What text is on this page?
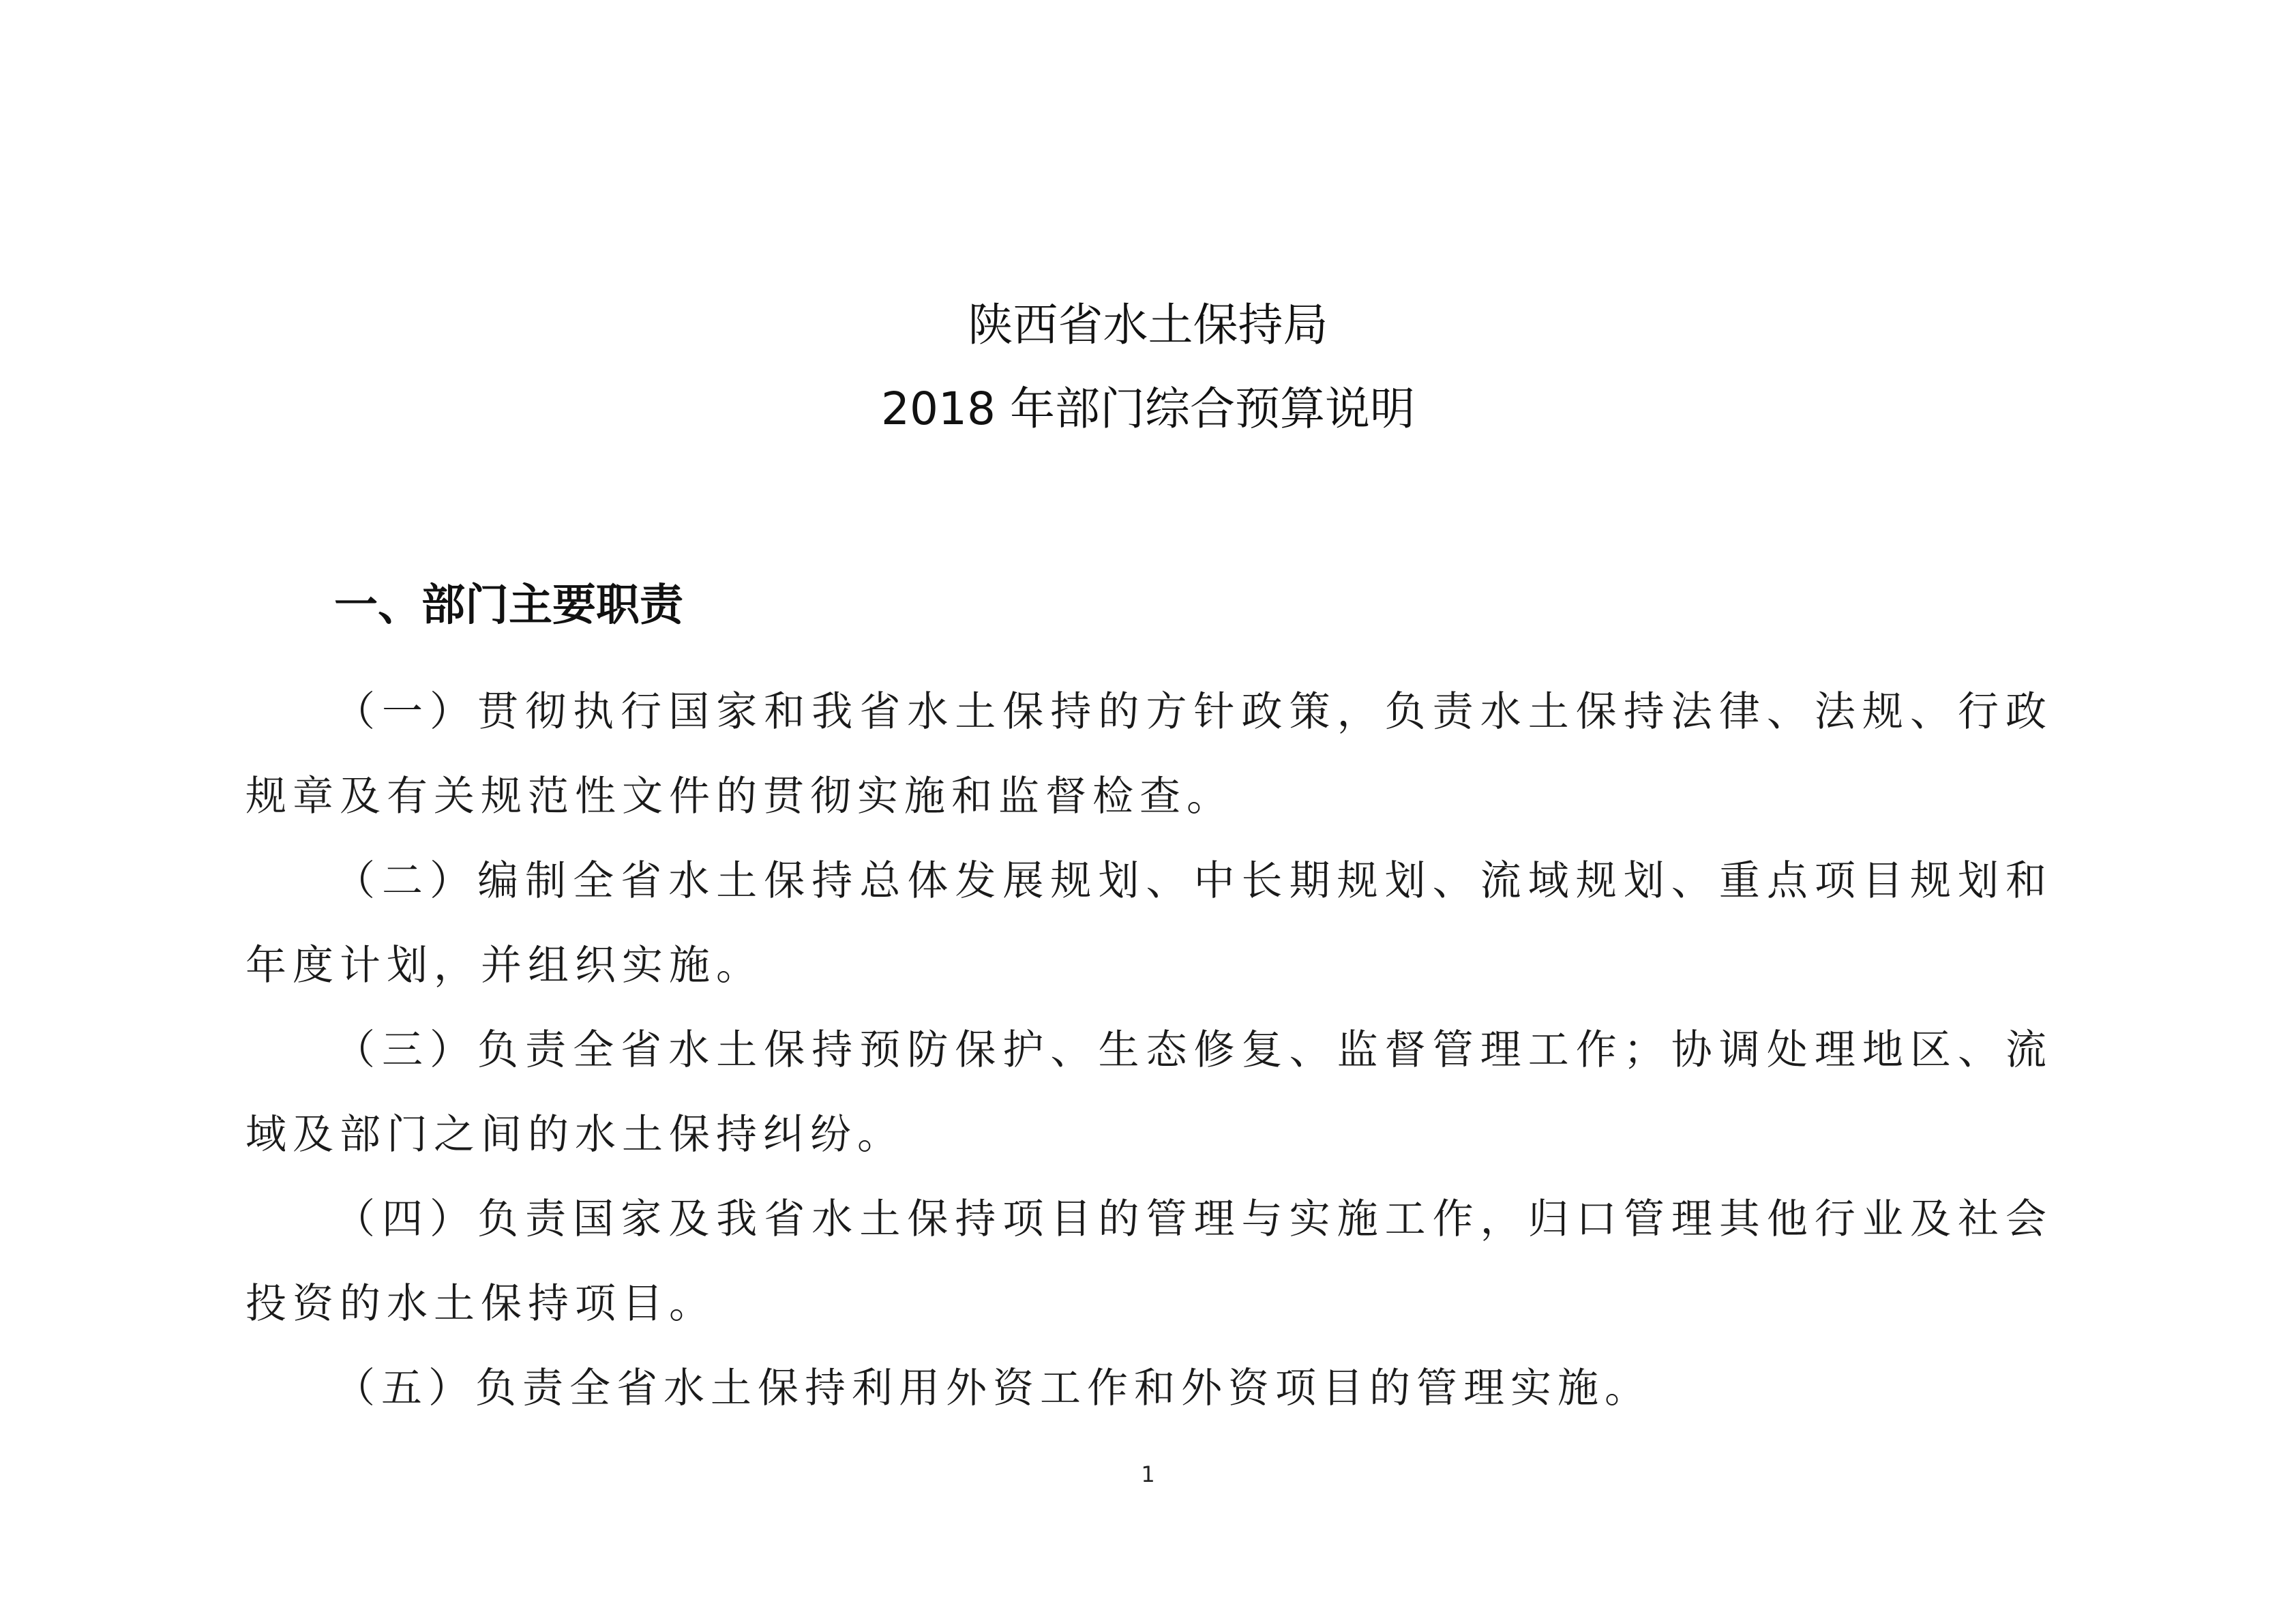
陕西省水土保持局
2018 年部门综合预算说明
一、部门主要职责
（一）贯彻执行国家和我省水土保持的方针政策，负责水土保持法律、法规、行政规章及有关规范性文件的贯彻实施和监督检查。
（二）编制全省水土保持总体发展规划、中长期规划、流域规划、重点项目规划和年度计划，并组织实施。
（三）负责全省水土保持预防保护、生态修复、监督管理工作；协调处理地区、流域及部门之间的水土保持纠纷。
（四）负责国家及我省水土保持项目的管理与实施工作，归口管理其他行业及社会投资的水土保持项目。
（五）负责全省水土保持利用外资工作和外资项目的管理实施。
1
